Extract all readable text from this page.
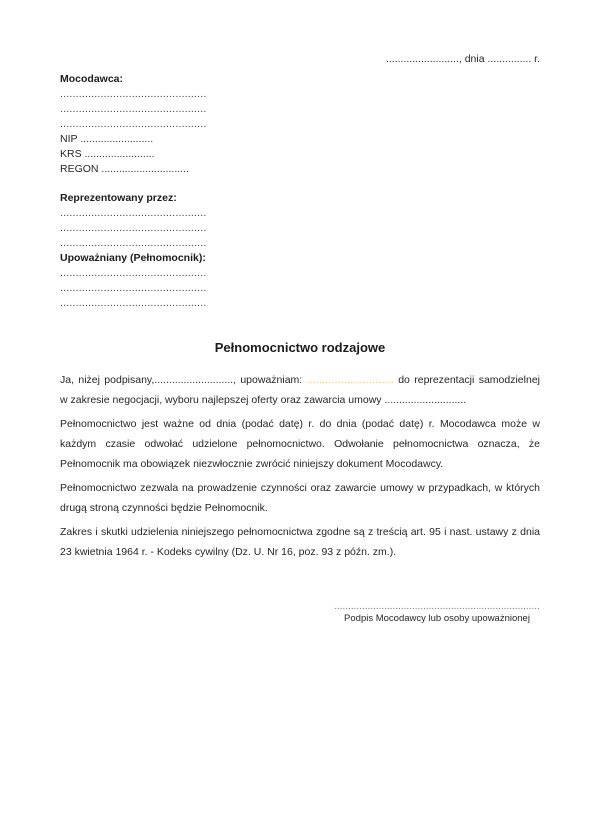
........................., dnia ............... r.
Mocodawca:
...............................................
...............................................
...............................................
NIP .........................
KRS ........................
REGON ..............................
Reprezentowany przez:
...............................................
...............................................
...............................................
Upoważniany (Pełnomocnik):
...............................................
...............................................
...............................................
Pełnomocnictwo rodzajowe

Ja, niżej podpisany,..........................., upoważniam: ............................ do reprezentacji samodzielnej w zakresie negocjacji, wyboru najlepszej oferty oraz zawarcia umowy ............................

Pełnomocnictwo jest ważne od dnia (podać datę) r. do dnia (podać datę) r. Mocodawca może w każdym czasie odwołać udzielone pełnomocnictwo. Odwołanie pełnomocnictwa oznacza, że Pełnomocnik ma obowiązek niezwłocznie zwrócić niniejszy dokument Mocodawcy.

Pełnomocnictwo zezwala na prowadzenie czynności oraz zawarcie umowy w przypadkach, w których drugą stroną czynności będzie Pełnomocnik.

Zakres i skutki udzielenia niniejszego pełnomocnictwa zgodne są z treścią art. 95 i nast. ustawy z dnia 23 kwietnia 1964 r. - Kodeks cywilny (Dz. U. Nr 16, poz. 93 z późn. zm.).

..........................................................................
Podpis Mocodawcy lub osoby upoważnionej
